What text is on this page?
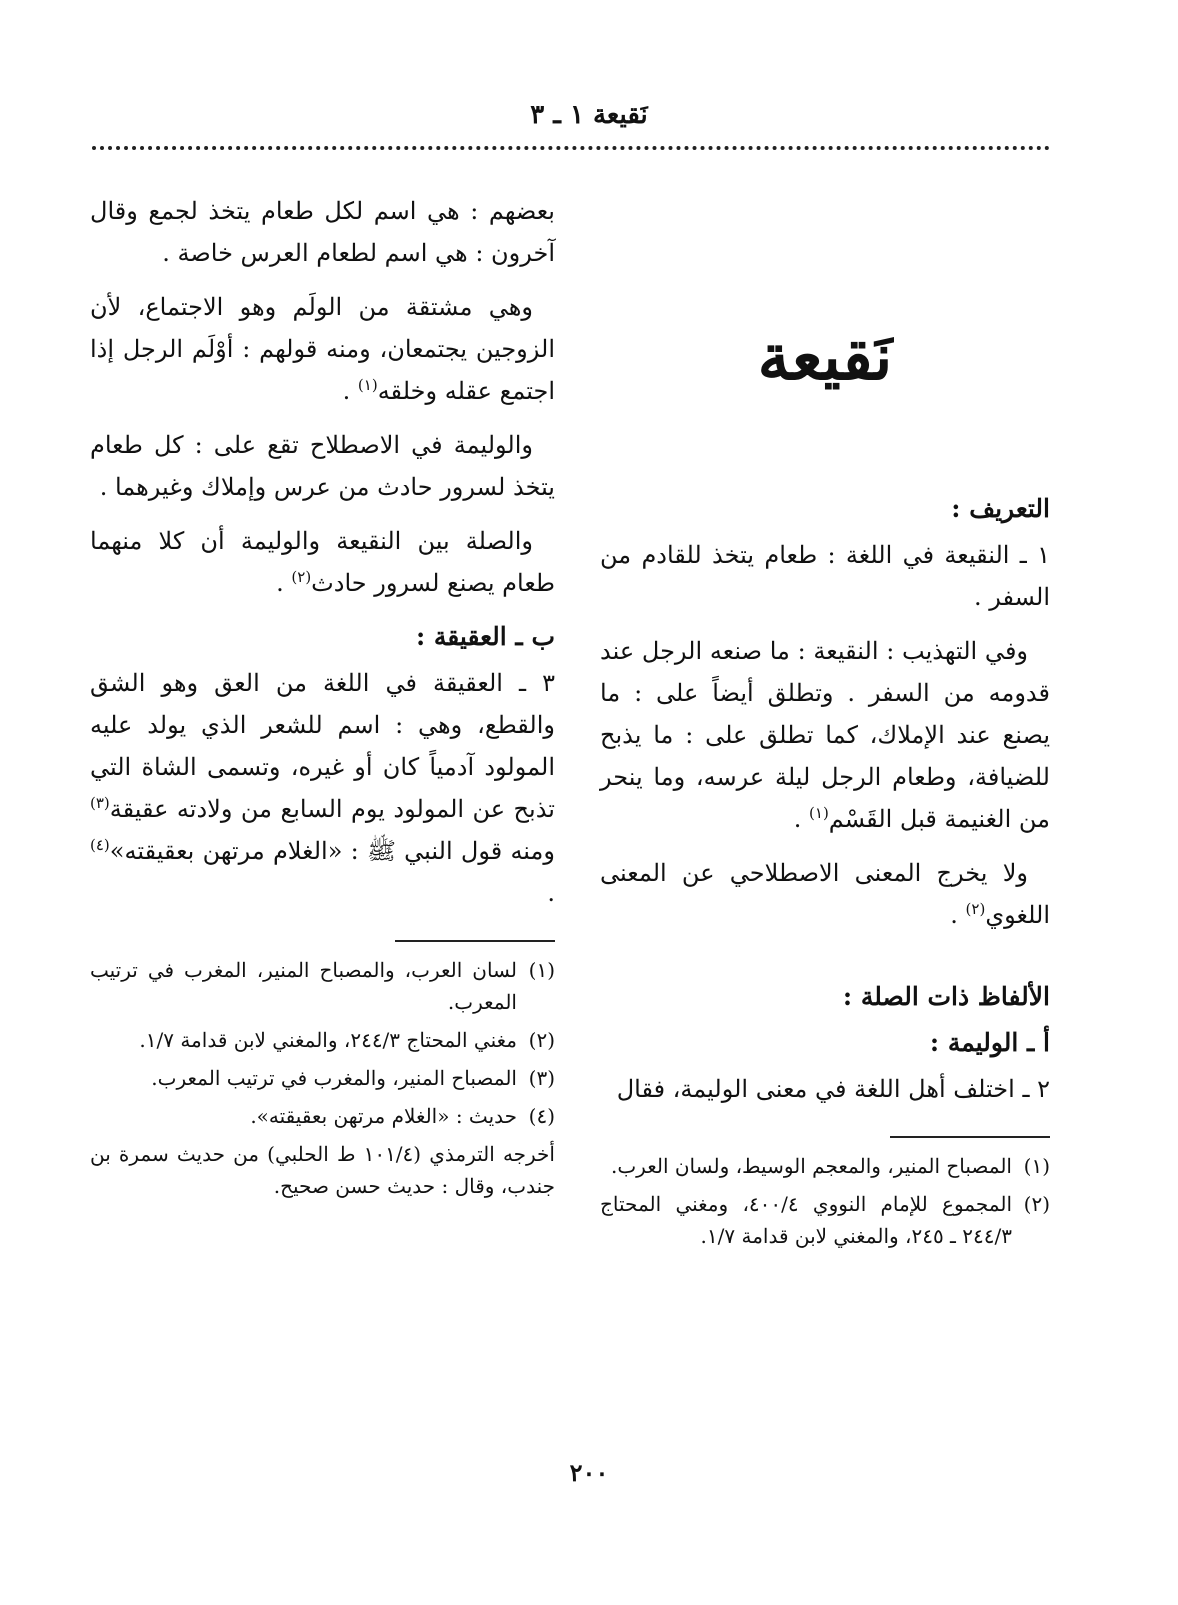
نَقيعة ١ ـ ٣
نَقيعة
التعريف :

١ ـ النقيعة في اللغة : طعام يتخذ للقادم من السفر .

وفي التهذيب : النقيعة : ما صنعه الرجل عند قدومه من السفر . وتطلق أيضاً على : ما يصنع عند الإملاك، كما تطلق على : ما يذبح للضيافة، وطعام الرجل ليلة عرسه، وما ينحر من الغنيمة قبل القَسْم$^{(١)}$ .

ولا يخرج المعنى الاصطلاحي عن المعنى اللغوي$^{(٢)}$ .

الألفاظ ذات الصلة :
أ ـ الوليمة :

٢ ـ اختلف أهل اللغة في معنى الوليمة، فقال

(١)المصباح المنير، والمعجم الوسيط، ولسان العرب.

(٢)المجموع للإمام النووي ٤٠٠/٤، ومغني المحتاج ٢٤٤/٣ ـ ٢٤٥، والمغني لابن قدامة ١/٧.

بعضهم : هي اسم لكل طعام يتخذ لجمع وقال آخرون : هي اسم لطعام العرس خاصة .

وهي مشتقة من الولَم وهو الاجتماع، لأن الزوجين يجتمعان، ومنه قولهم : أوْلَم الرجل إذا اجتمع عقله وخلقه$^{(١)}$ .

والوليمة في الاصطلاح تقع على : كل طعام يتخذ لسرور حادث من عرس وإملاك وغيرهما .

والصلة بين النقيعة والوليمة أن كلا منهما طعام يصنع لسرور حادث$^{(٢)}$ .

ب ـ العقيقة :

٣ ـ العقيقة في اللغة من العق وهو الشق والقطع، وهي : اسم للشعر الذي يولد عليه المولود آدمياً كان أو غيره، وتسمى الشاة التي تذبح عن المولود يوم السابع من ولادته عقيقة$^{(٣)}$ ومنه قول النبي ﷺ : «الغلام مرتهن بعقيقته»$^{(٤)}$ .

(١)لسان العرب، والمصباح المنير، المغرب في ترتيب المعرب.

(٢)مغني المحتاج ٢٤٤/٣، والمغني لابن قدامة ١/٧.

(٣)المصباح المنير، والمغرب في ترتيب المعرب.

(٤)حديث : «الغلام مرتهن بعقيقته».

أخرجه الترمذي (١٠١/٤ ط الحلبي) من حديث سمرة بن جندب، وقال : حديث حسن صحيح.

٢٠٠
